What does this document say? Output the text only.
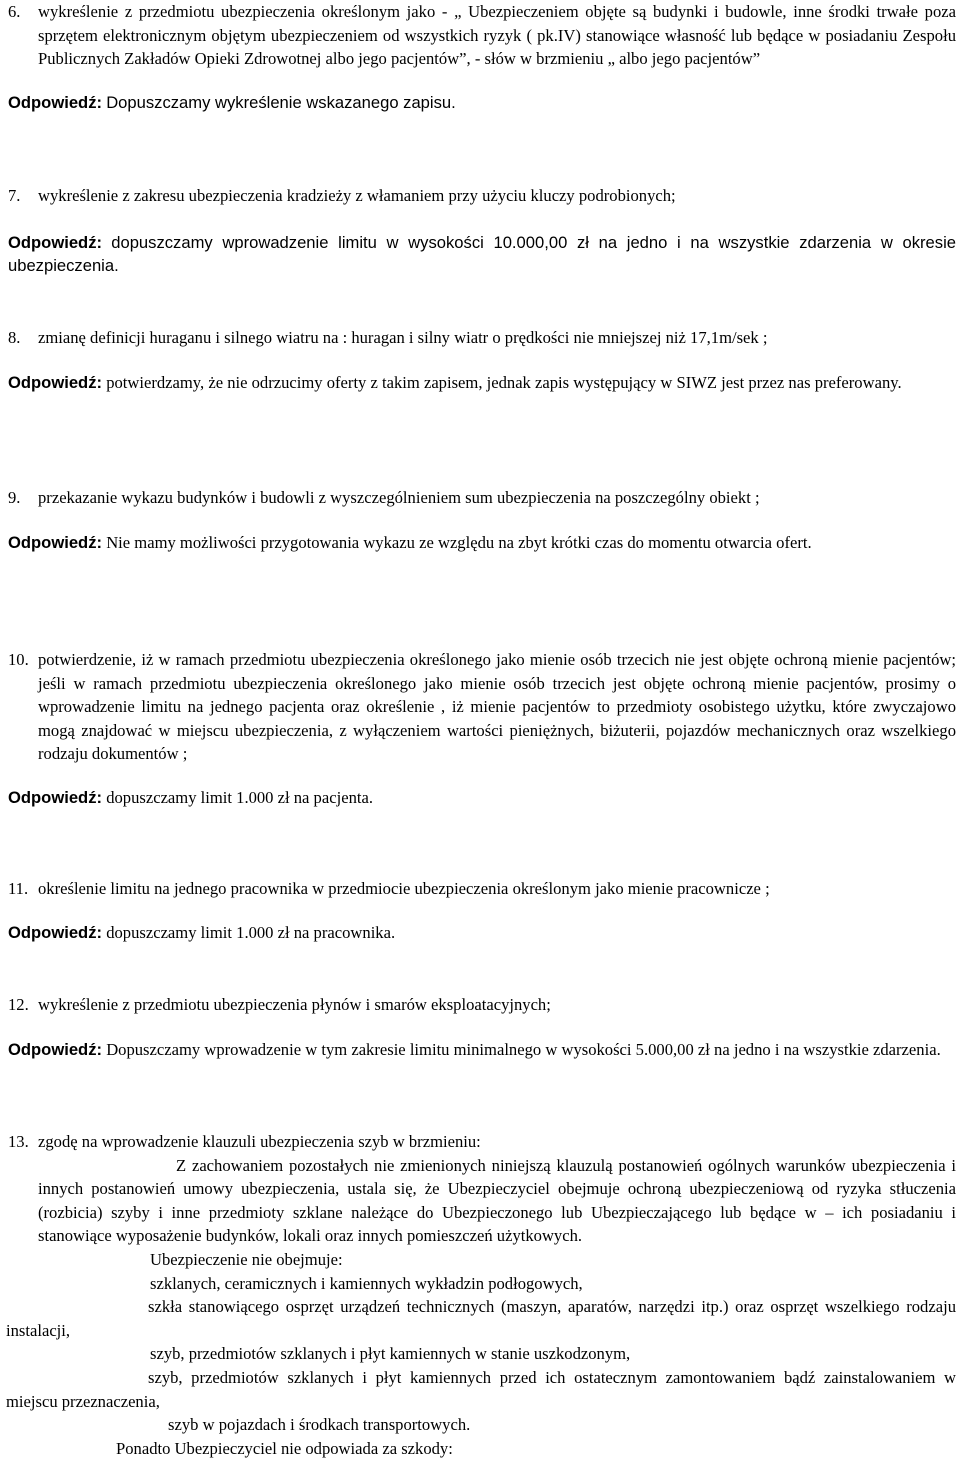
6.	wykreślenie z przedmiotu ubezpieczenia określonym jako - „ Ubezpieczeniem objęte są budynki i budowle, inne środki trwałe poza sprzętem elektronicznym objętym ubezpieczeniem od wszystkich ryzyk ( pk.IV) stanowiące własność lub będące w posiadaniu Zespołu Publicznych Zakładów Opieki Zdrowotnej albo jego pacjentów”, - słów w brzmieniu „ albo jego pacjentów”
Odpowiedź: Dopuszczamy wykreślenie wskazanego zapisu.
7.	wykreślenie z zakresu ubezpieczenia kradzieży z włamaniem przy użyciu kluczy podrobionych;
Odpowiedź: dopuszczamy wprowadzenie limitu w wysokości 10.000,00 zł na jedno i na wszystkie zdarzenia w okresie ubezpieczenia.
8.	zmianę definicji huraganu i silnego wiatru na : huragan i silny wiatr o prędkości nie mniejszej niż 17,1m/sek ;
Odpowiedź: potwierdzamy, że nie odrzucimy oferty z takim zapisem, jednak zapis występujący w SIWZ jest przez nas preferowany.
9.	przekazanie wykazu budynków i budowli z wyszczególnieniem sum ubezpieczenia na poszczególny obiekt ;
Odpowiedź: Nie mamy możliwości przygotowania wykazu ze względu na zbyt krótki czas do momentu otwarcia ofert.
10. potwierdzenie, iż w ramach przedmiotu ubezpieczenia określonego jako mienie osób trzecich nie jest objęte ochroną mienie pacjentów; jeśli w ramach przedmiotu ubezpieczenia określonego jako mienie osób trzecich jest objęte ochroną mienie pacjentów, prosimy o wprowadzenie limitu na jednego pacjenta oraz określenie , iż mienie pacjentów to przedmioty osobistego użytku, które zwyczajowo mogą znajdować w miejscu ubezpieczenia, z wyłączeniem wartości pieniężnych, biżuterii, pojazdów mechanicznych oraz wszelkiego rodzaju dokumentów ;
Odpowiedź: dopuszczamy limit 1.000 zł na pacjenta.
11. określenie limitu na jednego pracownika w przedmiocie ubezpieczenia określonym jako mienie pracownicze ;
Odpowiedź: dopuszczamy limit 1.000 zł na pracownika.
12. wykreślenie z przedmiotu ubezpieczenia płynów i smarów eksploatacyjnych;
Odpowiedź: Dopuszczamy wprowadzenie w tym zakresie limitu minimalnego w wysokości 5.000,00 zł na jedno i na wszystkie zdarzenia.
13. zgodę na wprowadzenie klauzuli ubezpieczenia szyb w brzmieniu:
Z zachowaniem pozostałych nie zmienionych niniejszą klauzulą postanowień ogólnych warunków ubezpieczenia i innych postanowień umowy ubezpieczenia, ustala się, że Ubezpieczyciel obejmuje ochroną ubezpieczeniową od ryzyka stłuczenia (rozbicia) szyby i inne przedmioty szklane należące do Ubezpieczonego lub Ubezpieczającego lub będące w – ich posiadaniu i stanowiące wyposażenie budynków, lokali oraz innych pomieszczeń użytkowych.
Ubezpieczenie nie obejmuje:
szklanych, ceramicznych i kamiennych wykładzin podłogowych,
szkła stanowiącego osprzęt urządzeń technicznych (maszyn, aparatów, narzędzi itp.) oraz osprzęt wszelkiego rodzaju instalacji,
szyb, przedmiotów szklanych i płyt kamiennych w stanie uszkodzonym,
szyb, przedmiotów szklanych i płyt kamiennych przed ich ostatecznym zamontowaniem bądź zainstalowaniem w miejscu przeznaczenia,
szyb w pojazdach i środkach transportowych.
Ponadto Ubezpieczyciel nie odpowiada za szkody:
